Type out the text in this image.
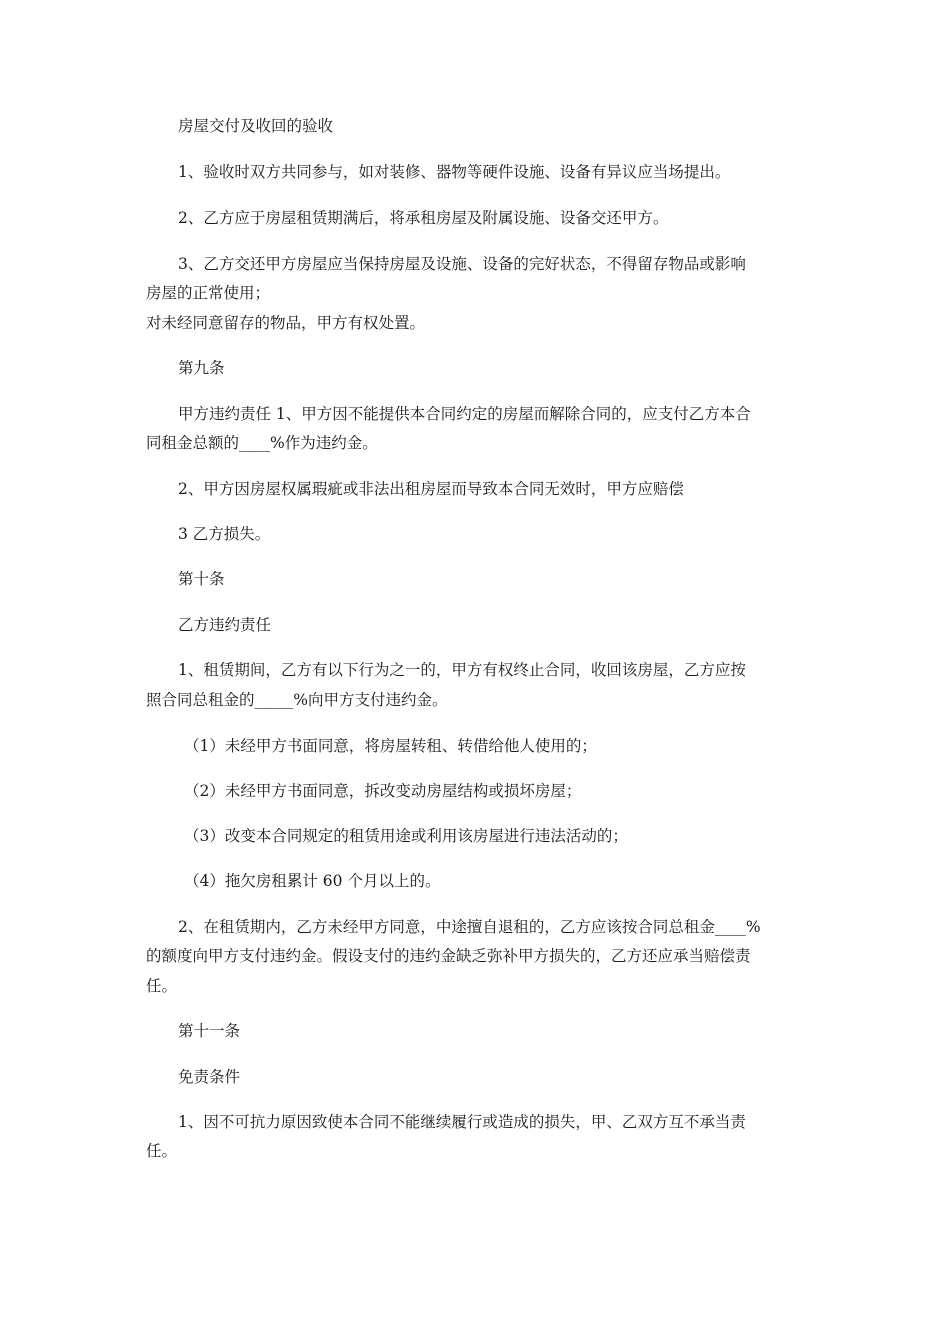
房屋交付及收回的验收
1、验收时双方共同参与，如对装修、器物等硬件设施、设备有异议应当场提出。
2、乙方应于房屋租赁期满后，将承租房屋及附属设施、设备交还甲方。
3、乙方交还甲方房屋应当保持房屋及设施、设备的完好状态，不得留存物品或影响
房屋的正常使用；
对未经同意留存的物品，甲方有权处置。
第九条
甲方违约责任 1、甲方因不能提供本合同约定的房屋而解除合同的，应支付乙方本合
同租金总额的____%作为违约金。
2、甲方因房屋权属瑕疵或非法出租房屋而导致本合同无效时，甲方应赔偿
3 乙方损失。
第十条
乙方违约责任
1、租赁期间，乙方有以下行为之一的，甲方有权终止合同，收回该房屋，乙方应按
照合同总租金的_____%向甲方支付违约金。
（1）未经甲方书面同意，将房屋转租、转借给他人使用的；
（2）未经甲方书面同意，拆改变动房屋结构或损坏房屋；
（3）改变本合同规定的租赁用途或利用该房屋进行违法活动的；
（4）拖欠房租累计 60 个月以上的。
2、在租赁期内，乙方未经甲方同意，中途擅自退租的，乙方应该按合同总租金____%
的额度向甲方支付违约金。假设支付的违约金缺乏弥补甲方损失的，乙方还应承当赔偿责
任。
第十一条
免责条件
1、因不可抗力原因致使本合同不能继续履行或造成的损失，甲、乙双方互不承当责
任。
